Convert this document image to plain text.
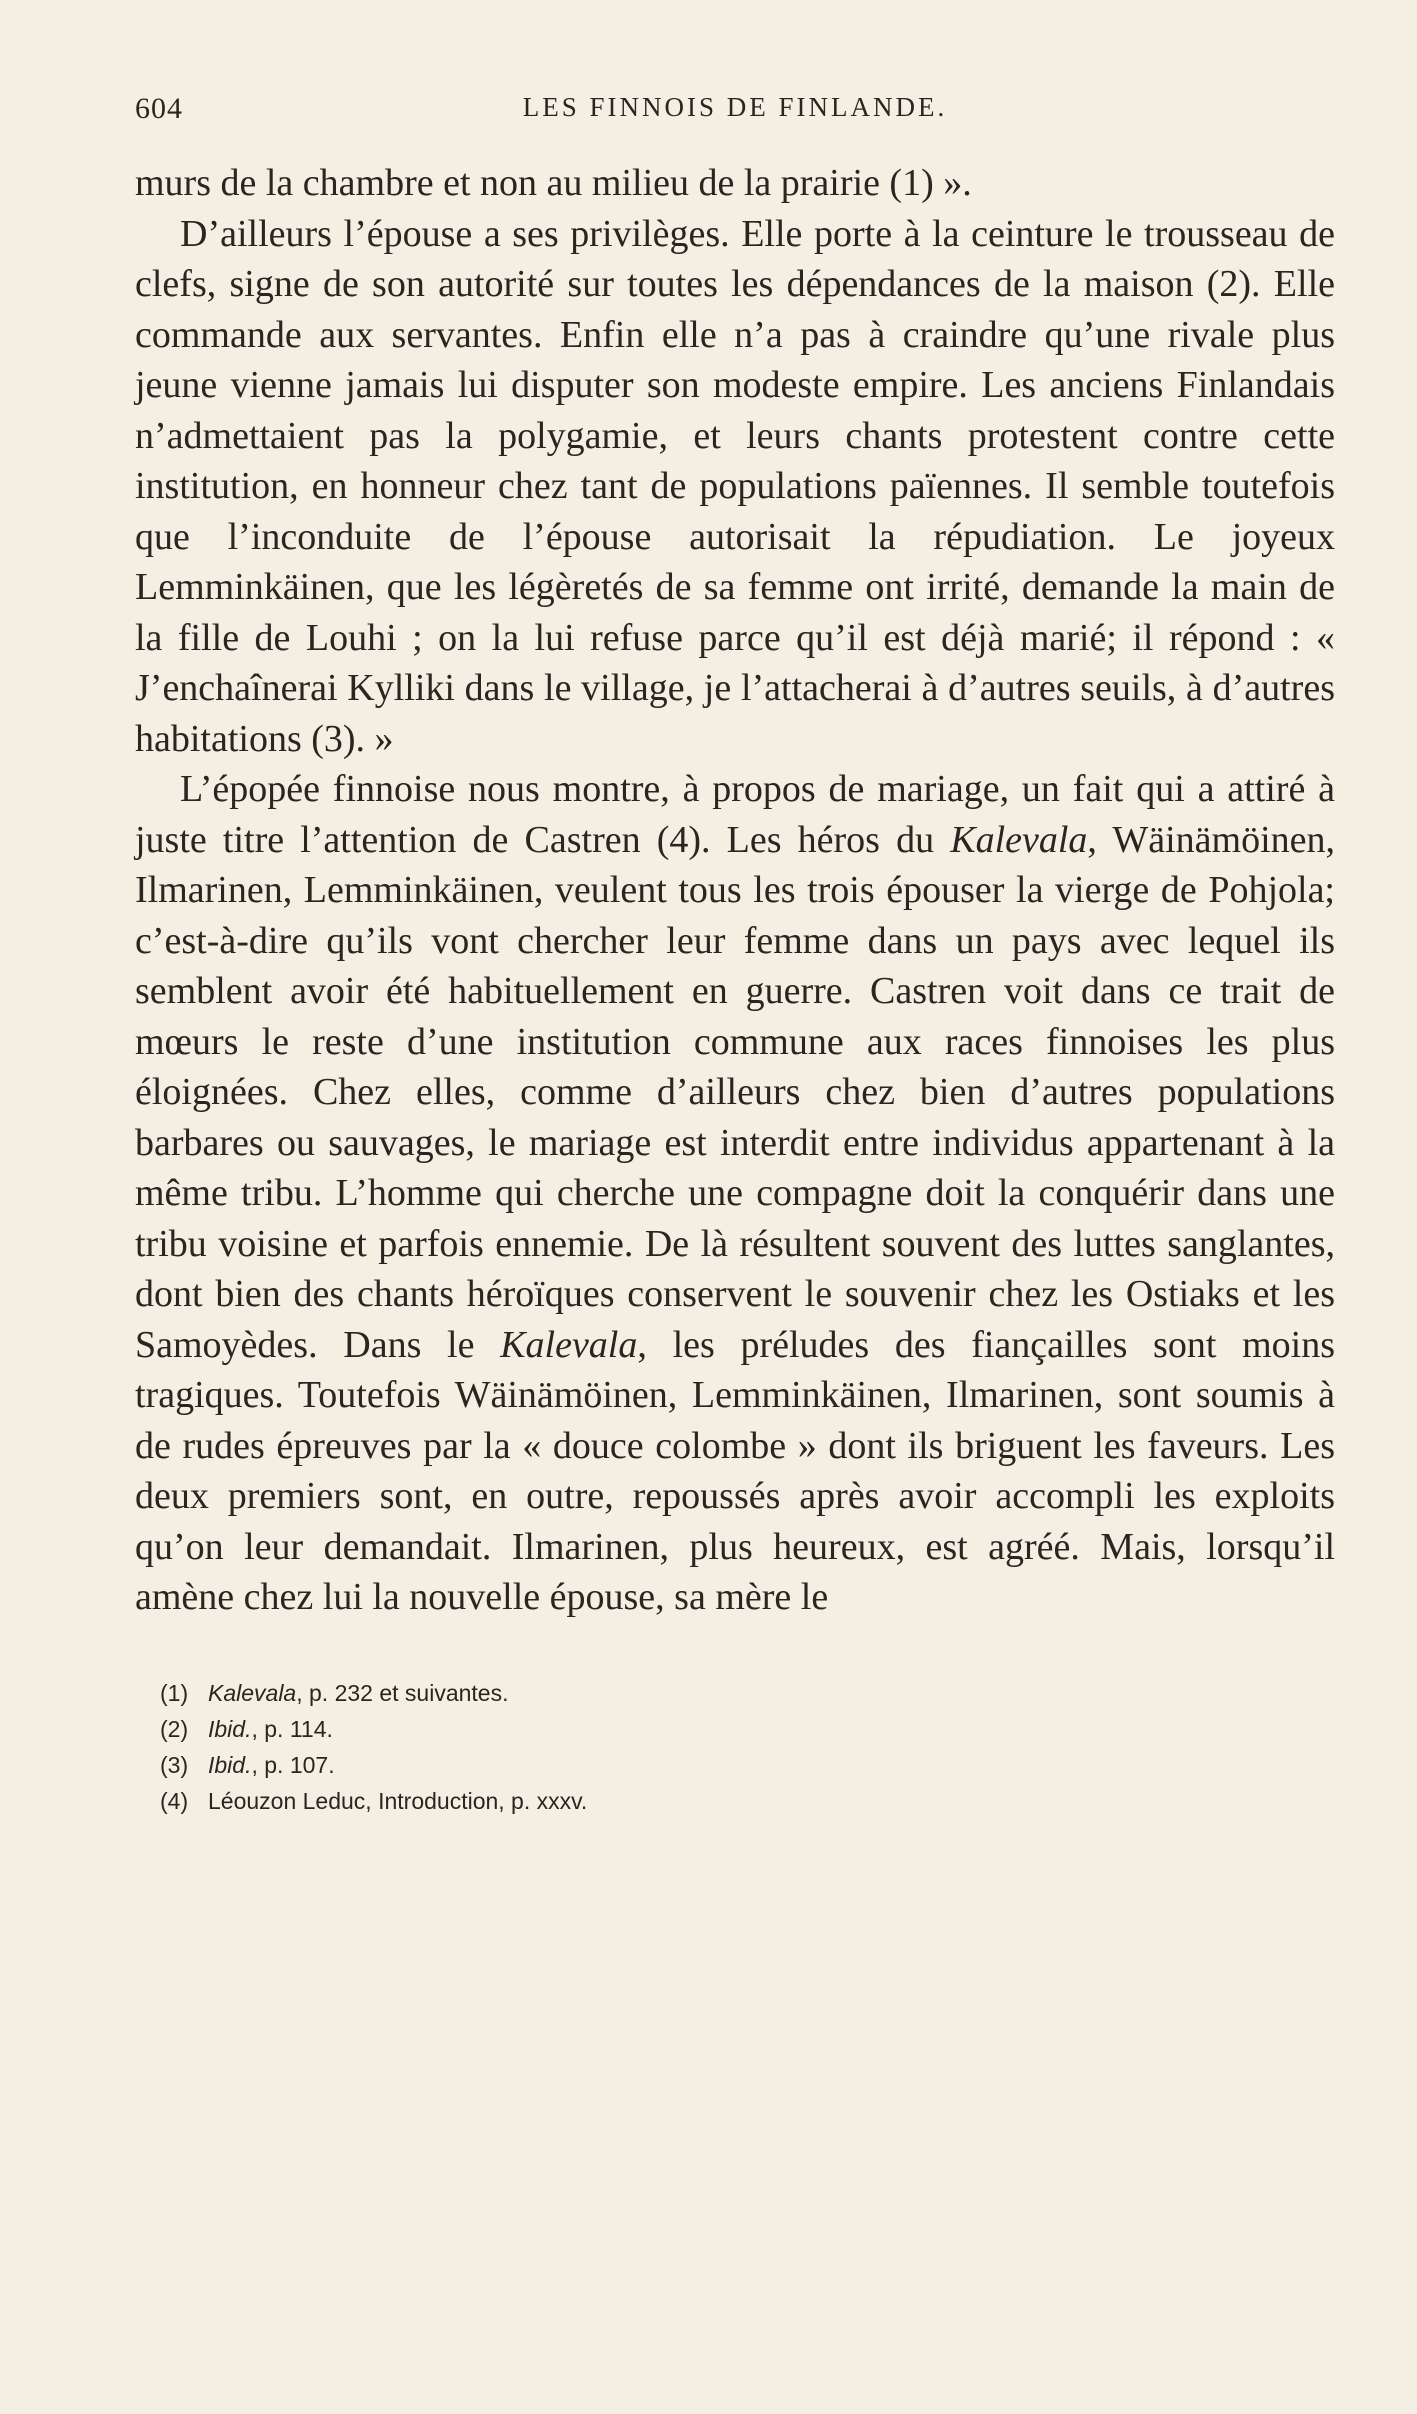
604	LES FINNOIS DE FINLANDE.

murs de la chambre et non au milieu de la prairie (1) ».

D’ailleurs l’épouse a ses privilèges. Elle porte à la ceinture le trousseau de clefs, signe de son autorité sur toutes les dépendances de la maison (2). Elle commande aux servantes. Enfin elle n’a pas à craindre qu’une rivale plus jeune vienne jamais lui disputer son modeste empire. Les anciens Finlandais n’admettaient pas la polygamie, et leurs chants protestent contre cette institution, en honneur chez tant de populations païennes. Il semble toutefois que l’inconduite de l’épouse autorisait la répudiation. Le joyeux Lemminkäinen, que les légèretés de sa femme ont irrité, demande la main de la fille de Louhi ; on la lui refuse parce qu’il est déjà marié; il répond : « J’enchaînerai Kylliki dans le village, je l’attacherai à d’autres seuils, à d’autres habitations (3). »

L’épopée finnoise nous montre, à propos de mariage, un fait qui a attiré à juste titre l’attention de Castren (4). Les héros du Kalevala, Wäinämöinen, Ilmarinen, Lemminkäinen, veulent tous les trois épouser la vierge de Pohjola; c’est-à-dire qu’ils vont chercher leur femme dans un pays avec lequel ils semblent avoir été habituellement en guerre. Castren voit dans ce trait de mœurs le reste d’une institution commune aux races finnoises les plus éloignées. Chez elles, comme d’ailleurs chez bien d’autres populations barbares ou sauvages, le mariage est interdit entre individus appartenant à la même tribu. L’homme qui cherche une compagne doit la conquérir dans une tribu voisine et parfois ennemie. De là résultent souvent des luttes sanglantes, dont bien des chants héroïques conservent le souvenir chez les Ostiaks et les Samoyèdes. Dans le Kalevala, les préludes des fiançailles sont moins tragiques. Toutefois Wäinämöinen, Lemminkäinen, Ilmarinen, sont soumis à de rudes épreuves par la « douce colombe » dont ils briguent les faveurs. Les deux premiers sont, en outre, repoussés après avoir accompli les exploits qu’on leur demandait. Ilmarinen, plus heureux, est agréé. Mais, lorsqu’il amène chez lui la nouvelle épouse, sa mère le

(1) Kalevala, p. 232 et suivantes.
(2) Ibid., p. 114.
(3) Ibid., p. 107.
(4) Léouzon Leduc, Introduction, p. xxxv.
